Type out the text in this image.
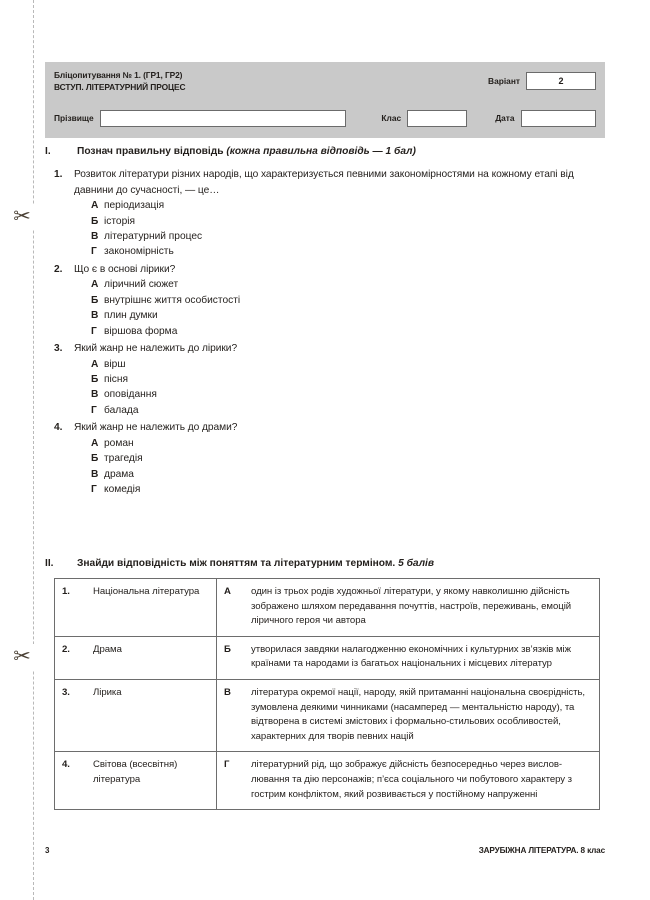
✂
✂
Бліцопитування № 1. (ГР1, ГР2)
ВСТУП. ЛІТЕРАТУРНИЙ ПРОЦЕС
Варіант	2
Прізвище	Клас	Дата
I.	Познач правильну відповідь (кожна правильна відповідь — 1 бал)
1. Розвиток літератури різних народів, що характеризується певними закономірностями на кожному етапі від давнини до сучасності, — це…
А періодизація
Б історія
В літературний процес
Г закономірність
2. Що є в основі лірики?
А ліричний сюжет
Б внутрішнє життя особистості
В плин думки
Г віршова форма
3. Який жанр не належить до лірики?
А вірш
Б пісня
В оповідання
Г балада
4. Який жанр не належить до драми?
А роман
Б трагедія
В драма
Г комедія
II. Знайди відповідність між поняттям та літературним терміном. 5 балів
1.	Національна література	А	один із трьох родів художньої літератури, у якому навколишню дійсність зображено шляхом передавання почуттів, настроїв, переживань, емоцій ліричного героя чи автора
2.	Драма	Б	утворилася завдяки налагодженню економічних і культурних зв’язків між країнами та народами із багатьох національних і місцевих літератур
3.	Лірика	В	література окремої нації, народу, якій притаманні національна своєрідність, зумовлена деякими чинниками (насамперед — ментальністю народу), та відтворена в системі змістових і формально-стильових особливостей, характерних для творів певних націй
4.	Світова (всесвітня) література	Г	літературний рід, що зображує дійсність безпосередньо через вислов-лювання та дію персонажів; п’єса соціального чи побутового характеру з гострим конфліктом, який розвивається у постійному напруженні
3	ЗАРУБІЖНА ЛІТЕРАТУРА. 8 клас
